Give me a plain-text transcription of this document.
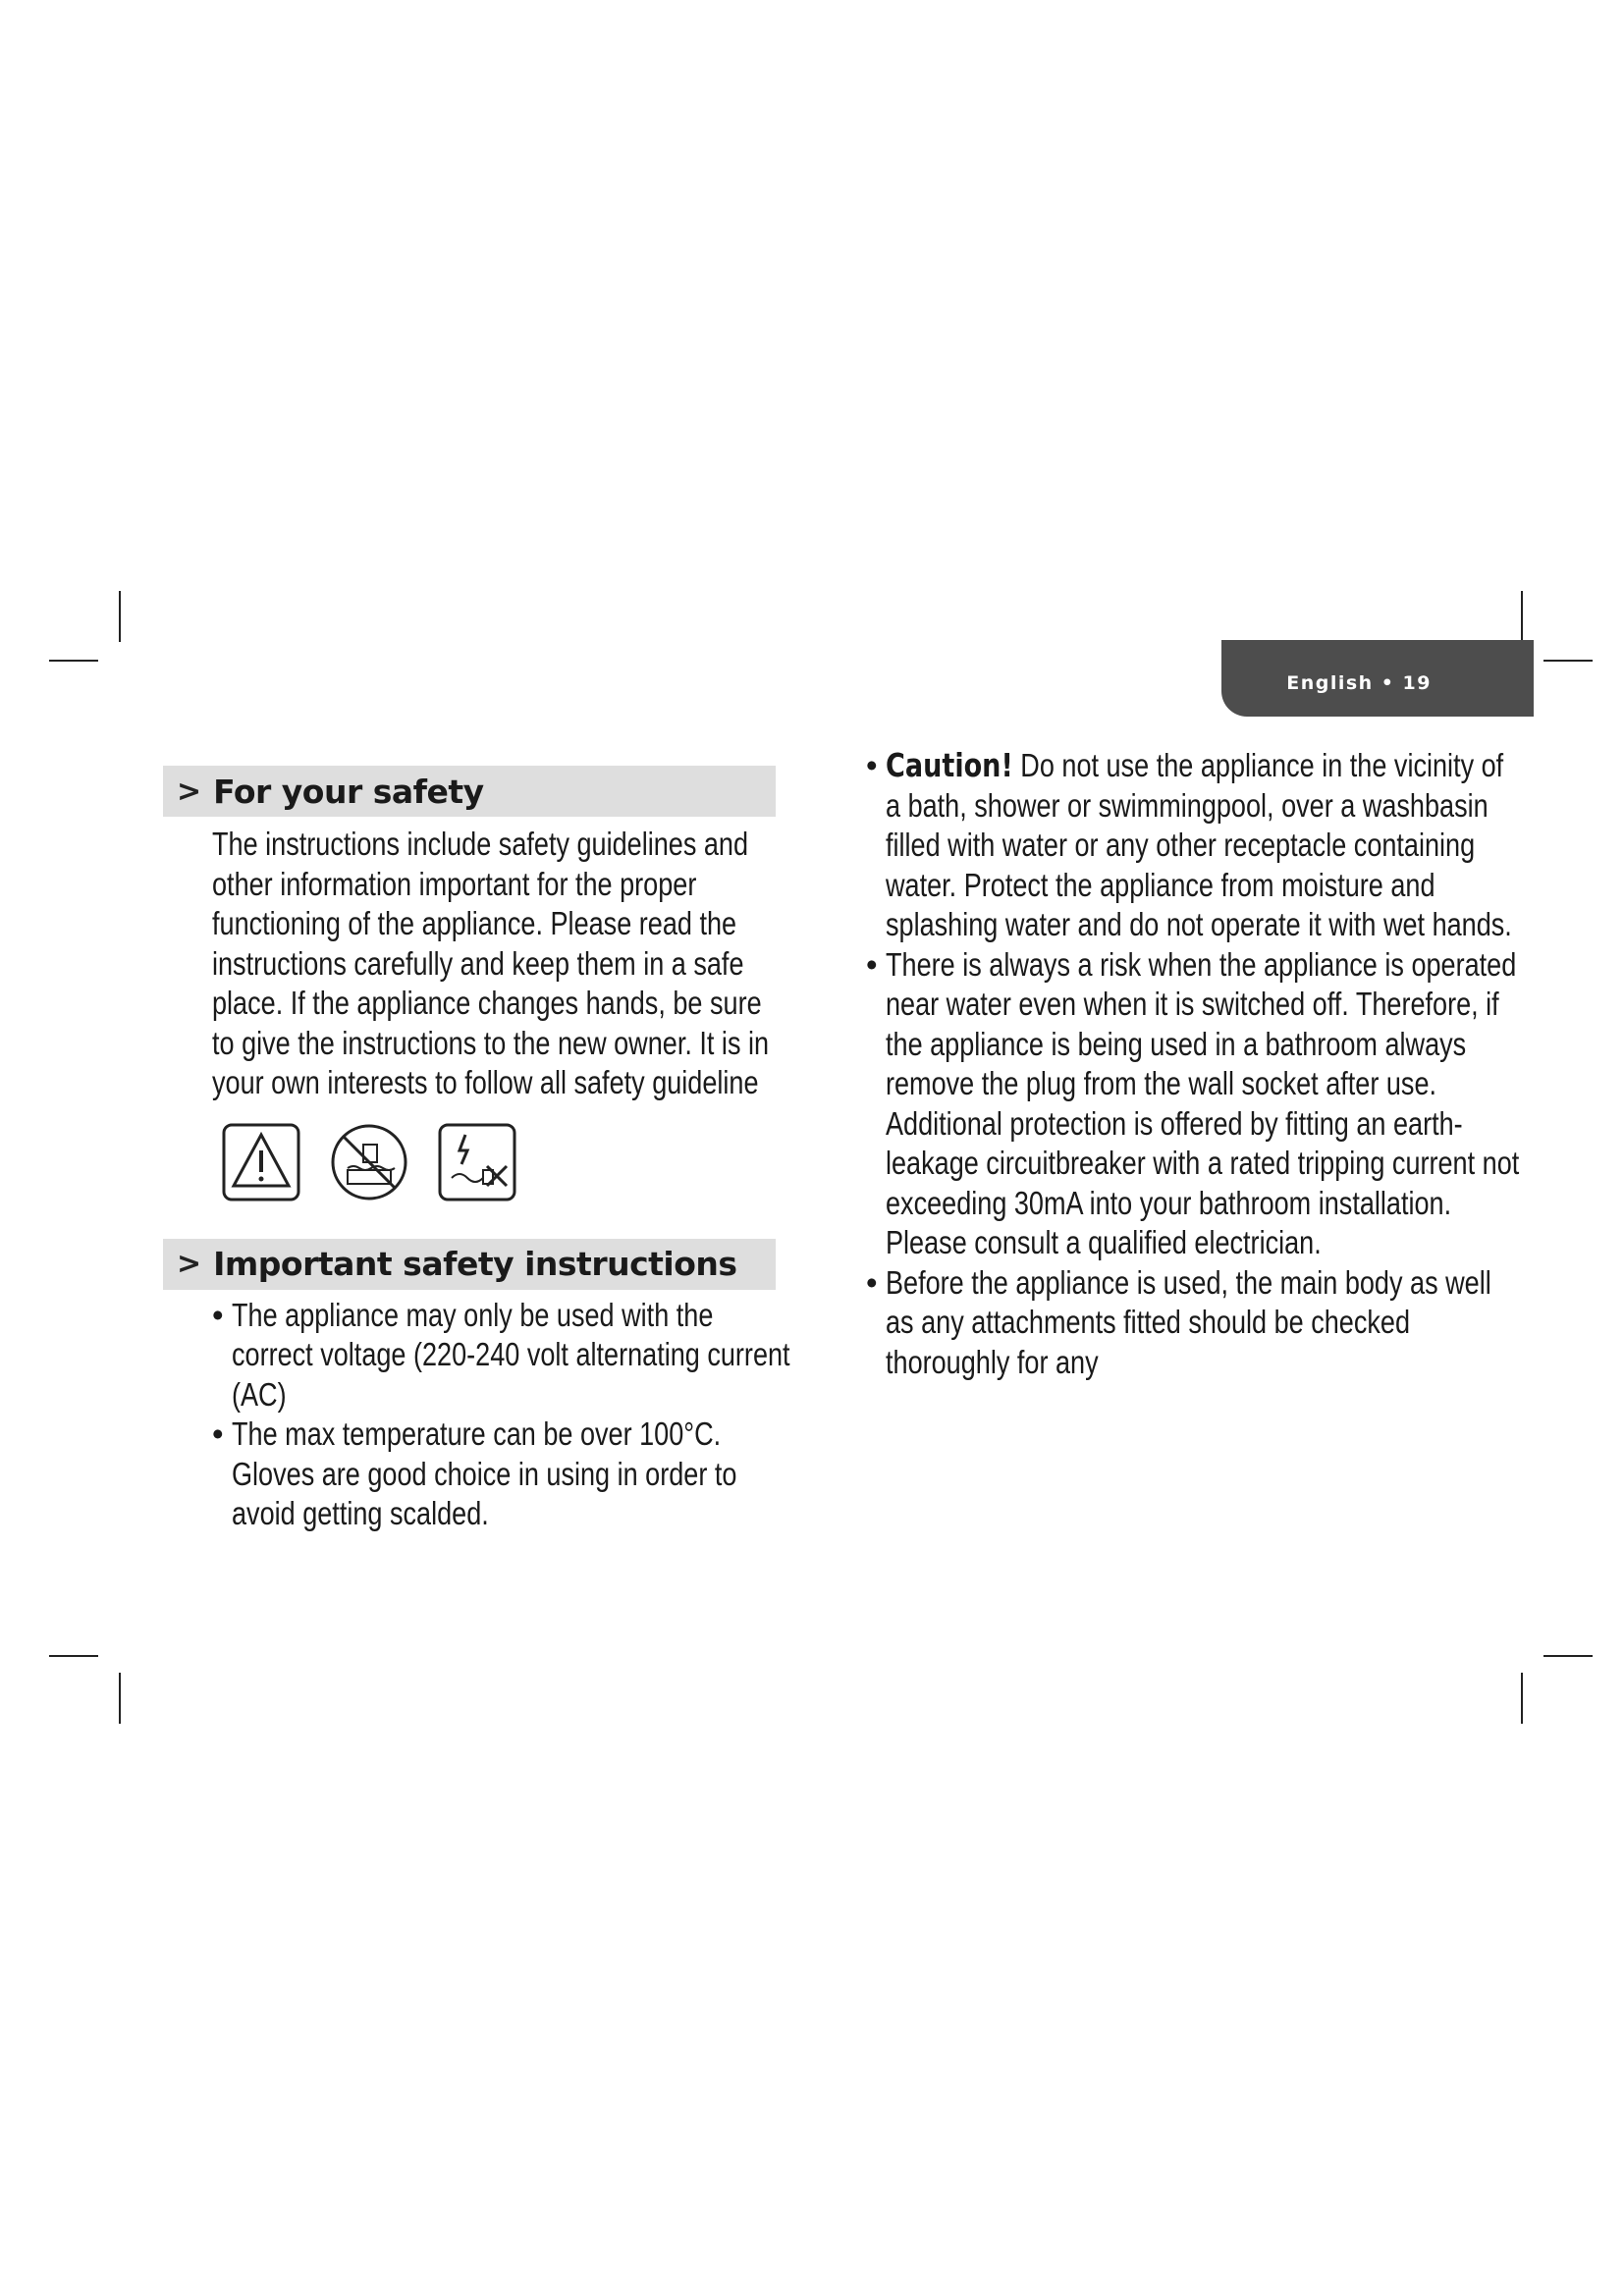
English • 19
> For your safety
The instructions include safety guidelines and other information important for the proper functioning of the appliance. Please read the instructions carefully and keep them in a safe place. If the appliance changes hands, be sure to give the instructions to the new owner. It is in your own interests to follow all safety guideline
> Important safety instructions
• The appliance may only be used with the correct voltage (220-240 volt alternating current (AC)
• The max temperature can be over 100°C. Gloves are good choice in using in order to avoid getting scalded.
• Caution! Do not use the appliance in the vicinity of a bath, shower or swimmingpool, over a washbasin filled with water or any other receptacle containing water. Protect the appliance from moisture and splashing water and do not operate it with wet hands.
• There is always a risk when the appliance is operated near water even when it is switched off. Therefore, if the appliance is being used in a bathroom always remove the plug from the wall socket after use. Additional protection is offered by fitting an earth-leakage circuitbreaker with a rated tripping current not exceeding 30mA into your bathroom installation. Please consult a qualified electrician.
• Before the appliance is used, the main body as well as any attachments fitted should be checked thoroughly for any
